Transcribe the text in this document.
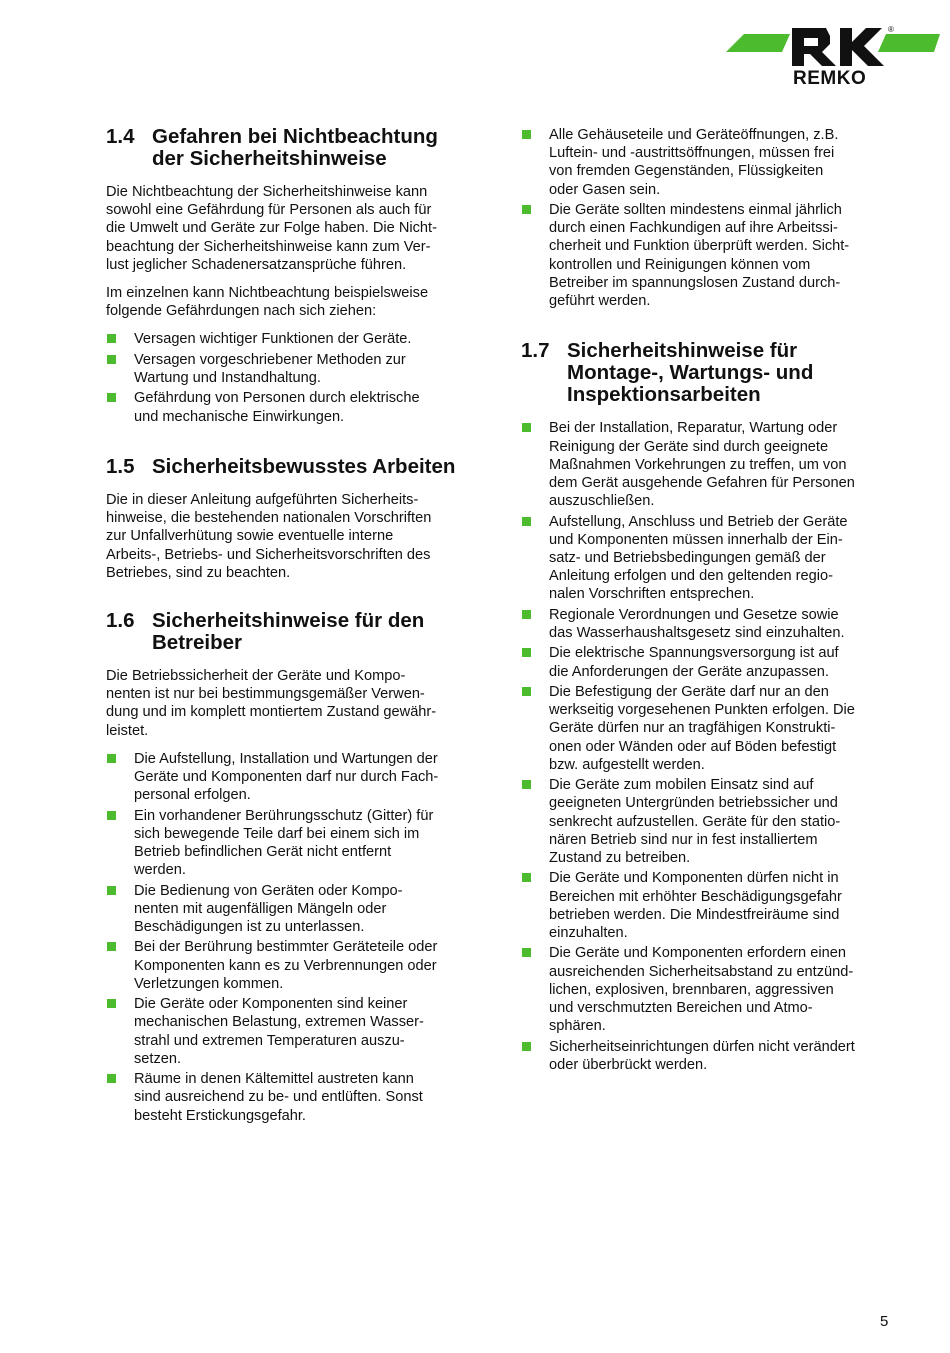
®
REMKO
1.4 Gefahren bei Nichtbeachtung
der Sicherheitshinweise

Die Nichtbeachtung der Sicherheitshinweise kann
sowohl eine Gefährdung für Personen als auch für
die Umwelt und Geräte zur Folge haben. Die Nicht-
beachtung der Sicherheitshinweise kann zum Ver-
lust jeglicher Schadenersatzansprüche führen.

Im einzelnen kann Nichtbeachtung beispielsweise
folgende Gefährdungen nach sich ziehen:

Versagen wichtiger Funktionen der Geräte.
Versagen vorgeschriebener Methoden zur
Wartung und Instandhaltung.
Gefährdung von Personen durch elektrische
und mechanische Einwirkungen.
1.5 Sicherheitsbewusstes Arbeiten

Die in dieser Anleitung aufgeführten Sicherheits-
hinweise, die bestehenden nationalen Vorschriften
zur Unfallverhütung sowie eventuelle interne
Arbeits-, Betriebs- und Sicherheitsvorschriften des
Betriebes, sind zu beachten.

1.6 Sicherheitshinweise für den
Betreiber

Die Betriebssicherheit der Geräte und Kompo-
nenten ist nur bei bestimmungsgemäßer Verwen-
dung und im komplett montiertem Zustand gewähr-
leistet.

Die Aufstellung, Installation und Wartungen der
Geräte und Komponenten darf nur durch Fach-
personal erfolgen.
Ein vorhandener Berührungsschutz (Gitter) für
sich bewegende Teile darf bei einem sich im
Betrieb befindlichen Gerät nicht entfernt
werden.
Die Bedienung von Geräten oder Kompo-
nenten mit augenfälligen Mängeln oder
Beschädigungen ist zu unterlassen.
Bei der Berührung bestimmter Geräteteile oder
Komponenten kann es zu Verbrennungen oder
Verletzungen kommen.
Die Geräte oder Komponenten sind keiner
mechanischen Belastung, extremen Wasser-
strahl und extremen Temperaturen auszu-
setzen.
Räume in denen Kältemittel austreten kann
sind ausreichend zu be- und entlüften. Sonst
besteht Erstickungsgefahr.
Alle Gehäuseteile und Geräteöffnungen, z.B.
Luftein- und -austrittsöffnungen, müssen frei
von fremden Gegenständen, Flüssigkeiten
oder Gasen sein.
Die Geräte sollten mindestens einmal jährlich
durch einen Fachkundigen auf ihre Arbeitssi-
cherheit und Funktion überprüft werden. Sicht-
kontrollen und Reinigungen können vom
Betreiber im spannungslosen Zustand durch-
geführt werden.
1.7 Sicherheitshinweise für
Montage-, Wartungs- und
Inspektionsarbeiten
Bei der Installation, Reparatur, Wartung oder
Reinigung der Geräte sind durch geeignete
Maßnahmen Vorkehrungen zu treffen, um von
dem Gerät ausgehende Gefahren für Personen
auszuschließen.
Aufstellung, Anschluss und Betrieb der Geräte
und Komponenten müssen innerhalb der Ein-
satz- und Betriebsbedingungen gemäß der
Anleitung erfolgen und den geltenden regio-
nalen Vorschriften entsprechen.
Regionale Verordnungen und Gesetze sowie
das Wasserhaushaltsgesetz sind einzuhalten.
Die elektrische Spannungsversorgung ist auf
die Anforderungen der Geräte anzupassen.
Die Befestigung der Geräte darf nur an den
werkseitig vorgesehenen Punkten erfolgen. Die
Geräte dürfen nur an tragfähigen Konstrukti-
onen oder Wänden oder auf Böden befestigt
bzw. aufgestellt werden.
Die Geräte zum mobilen Einsatz sind auf
geeigneten Untergründen betriebssicher und
senkrecht aufzustellen. Geräte für den statio-
nären Betrieb sind nur in fest installiertem
Zustand zu betreiben.
Die Geräte und Komponenten dürfen nicht in
Bereichen mit erhöhter Beschädigungsgefahr
betrieben werden. Die Mindestfreiräume sind
einzuhalten.
Die Geräte und Komponenten erfordern einen
ausreichenden Sicherheitsabstand zu entzünd-
lichen, explosiven, brennbaren, aggressiven
und verschmutzten Bereichen und Atmo-
sphären.
Sicherheitseinrichtungen dürfen nicht verändert
oder überbrückt werden.
5
